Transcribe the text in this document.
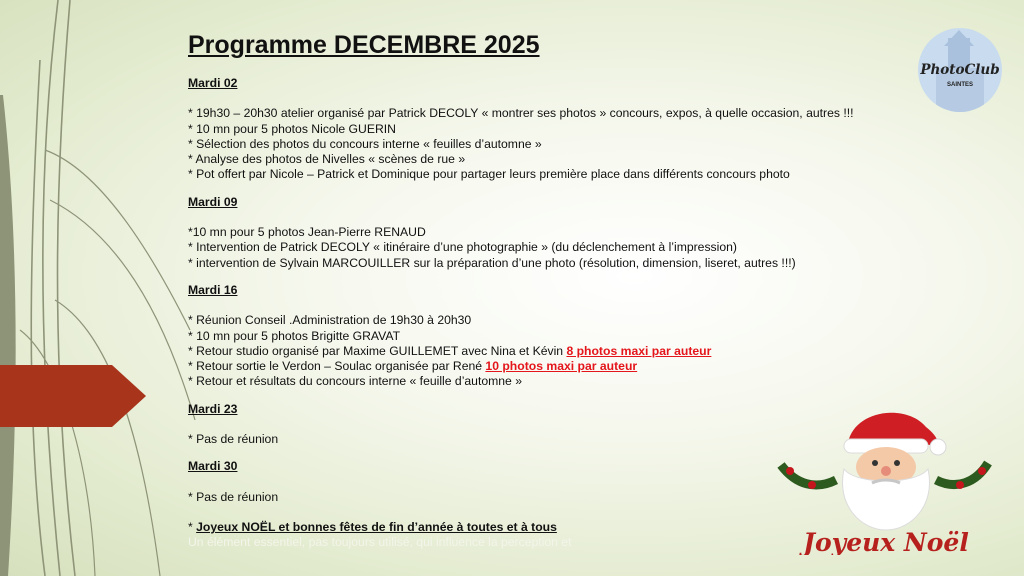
PhotoClub
SAINTES
Programme DECEMBRE 2025
Mardi 02
* 19h30 – 20h30 atelier organisé par Patrick DECOLY « montrer ses photos » concours, expos, à quelle occasion, autres !!!
* 10 mn pour 5 photos Nicole GUERIN
* Sélection des photos du concours interne « feuilles d’automne »
* Analyse des photos de Nivelles « scènes de rue »
* Pot offert par Nicole – Patrick et Dominique pour partager leurs première place dans différents concours photo
Mardi 09
*10 mn pour 5 photos Jean-Pierre RENAUD
* Intervention de Patrick DECOLY « itinéraire d’une photographie » (du déclenchement à l’impression)
* intervention de Sylvain MARCOUILLER sur la préparation d’une photo (résolution, dimension, liseret, autres !!!)
Mardi 16
* Réunion Conseil .Administration de 19h30 à 20h30
* 10 mn pour 5 photos Brigitte GRAVAT
* Retour studio organisé par Maxime GUILLEMET avec Nina et Kévin 8 photos maxi par auteur
* Retour sortie le Verdon – Soulac organisée par René 10 photos maxi par auteur
* Retour et résultats du concours interne « feuille d’automne »
Mardi 23
* Pas de réunion
Mardi 30
* Pas de réunion
* Joyeux NOËL et bonnes fêtes de fin d’année à toutes et à tous
Un élément essentiel, pas toujours utilisé, qui influence la perception et	Joyeux Noël
